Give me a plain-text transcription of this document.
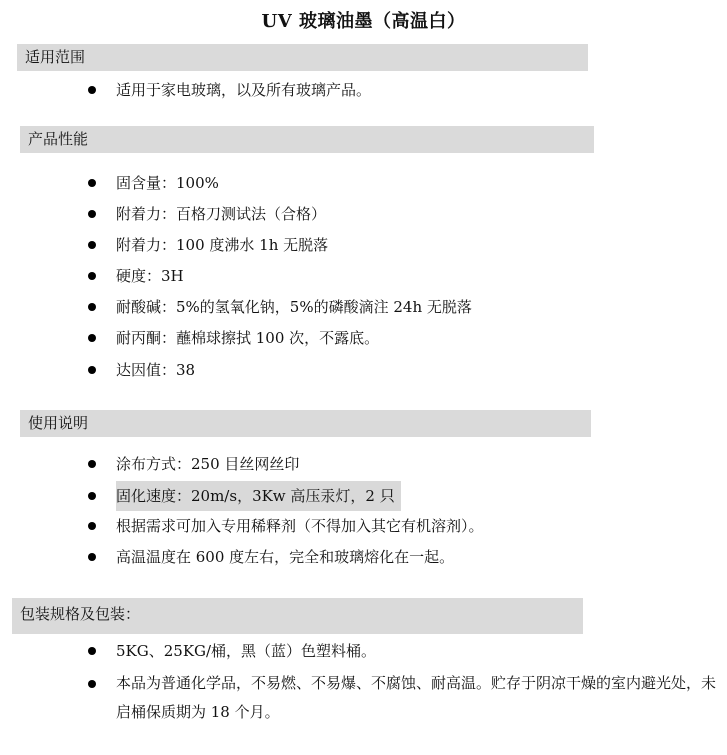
UV 玻璃油墨（高温白）
适用范围
适用于家电玻璃，以及所有玻璃产品。
产品性能
固含量：100%
附着力：百格刀测试法（合格）
附着力：100 度沸水 1h 无脱落
硬度：3H
耐酸碱：5%的氢氧化钠，5%的磷酸滴注 24h 无脱落
耐丙酮：蘸棉球擦拭 100 次，不露底。
达因值：38
使用说明
涂布方式：250 目丝网丝印
固化速度：20m/s，3Kw 高压汞灯，2 只
根据需求可加入专用稀释剂（不得加入其它有机溶剂）。
高温温度在 600 度左右，完全和玻璃熔化在一起。
包装规格及包装：
5KG、25KG/桶，黑（蓝）色塑料桶。
本品为普通化学品，不易燃、不易爆、不腐蚀、耐高温。贮存于阴凉干燥的室内避光处，未启桶保质期为 18 个月。
